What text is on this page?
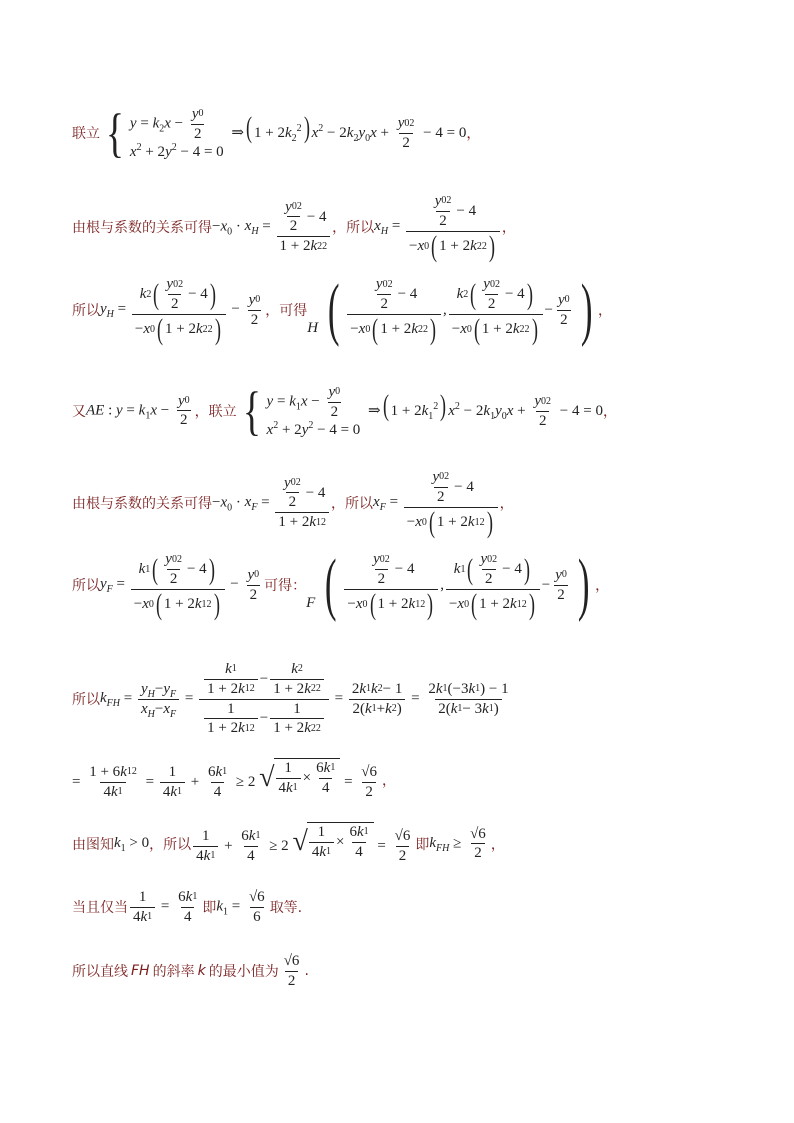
联立 { $y = k_2x - \frac{y 0}{2}$
$x^2 + 2y^2 - 4 = 0$
⇒( $1 + 2k_2^2$) $x^2 - 2k_2y_0x + \frac{y 0 2}{2} - 4 = 0$ ，
由根与系数的关系可得 $-x_0 \cdot x_H = \frac{\frac{y 0 2}{2} - 4}{1 + 2 k 2 2}$ ，所以 $x_H = \frac{\frac{y 0 2}{2} - 4}{- x 0 ( 1 + 2 k 2 2 )}$ ，
所以 $y_H = \frac{k 2 ( \frac{y 0 2}{2} - 4 )}{- x 0 ( 1 + 2 k 2 2 )} - \frac{y 0}{2}$ ，可得
H ( $\frac{\frac{y 0 2}{2} - 4}{- x 0 ( 1 + 2 k 2 2 )}$ , $\frac{k 2 ( \frac{y 0 2}{2} - 4 )}{- x 0 ( 1 + 2 k 2 2 )} - \frac{y 0}{2}$ ) ，
又 AE : $y = k_1x - \frac{y 0}{2}$ ，联立 { $y = k_1x - \frac{y 0}{2}$
$x^2 + 2y^2 - 4 = 0$
⇒( $1 + 2k_1^2$) $x^2 - 2k_1y_0x + \frac{y 0 2}{2} - 4 = 0$ ，
由根与系数的关系可得 $-x_0 \cdot x_F = \frac{\frac{y 0 2}{2} - 4}{1 + 2 k 1 2}$ ，所以 $x_F = \frac{\frac{y 0 2}{2} - 4}{- x 0 ( 1 + 2 k 1 2 )}$ ，
所以 $y_F = \frac{k 1 ( \frac{y 0 2}{2} - 4 )}{- x 0 ( 1 + 2 k 1 2 )} - \frac{y 0}{2}$ 可得：
F ( $\frac{\frac{y 0 2}{2} - 4}{- x 0 ( 1 + 2 k 1 2 )}$ , $\frac{k 1 ( \frac{y 0 2}{2} - 4 )}{- x 0 ( 1 + 2 k 1 2 )} - \frac{y 0}{2}$ ) ，
所以 $k_{FH} = \frac{y_H - y_F}{x_H - x_F} = \frac{\frac{k 1}{1 + 2 k 1 2} - \frac{k 2}{1 + 2 k 2 2}}{\frac{1}{1 + 2 k 1 2} - \frac{1}{1 + 2 k 2 2}} = \frac{2 k 1 k 2 - 1}{2( k 1 + k 2 )} = \frac{2 k 1 (-3 k 1 ) - 1}{2( k 1 - 3 k 1 )}$
= $\frac{1 + 6 k 1 2}{4 k 1} = \frac{1}{4 k 1} + \frac{6 k 1}{4} \ge 2$ √ $\frac{1}{4 k 1} \times \frac{6 k 1}{4} = \frac{√6}{2}$ ，
由图知 $k_1 > 0$ ，所以 $\frac{1}{4 k 1} + \frac{6 k 1}{4} \ge 2$ √ $\frac{1}{4 k 1} \times \frac{6 k 1}{4} = \frac{√6}{2}$ 即 $k_{FH} \ge \frac{√6}{2}$ ，
当且仅当 $\frac{1}{4 k 1} = \frac{6 k 1}{4}$ 即 $k_1 = \frac{√6}{6}$ 取等.
所以直线 FH 的斜率 k 的最小值为 $\frac{√6}{2}$ .
